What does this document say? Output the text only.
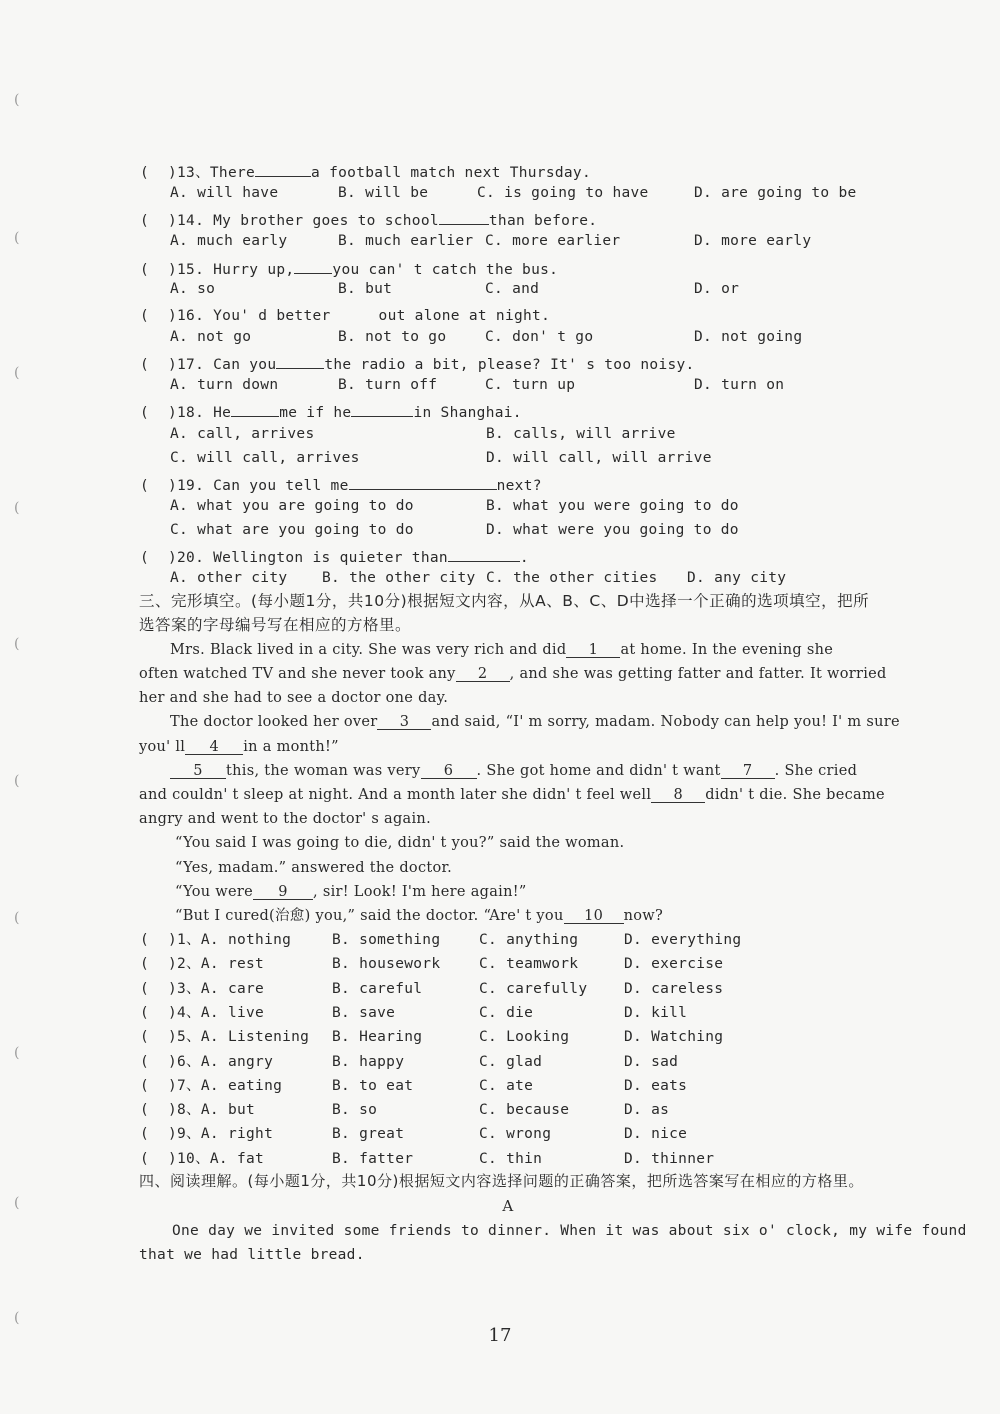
(
(
(
(
(
(
(
(
(
(
( )13、There	a football match next Thursday.
A. will have	B. will be	C. is going to have	D. are going to be
( )14. My brother goes to school	than before.
A. much early	B. much earlier C. more earlier	D. more early
( )15. Hurry up,	you can' t catch the bus.
A. so	B. but	C. and	D. or
( )16. You' d better	out alone at night.
A. not go	B. not to go	C. don' t go	D. not going
( )17. Can you	the radio a bit, please? It' s too noisy.
A. turn down	B. turn off	C. turn up	D. turn on
( )18. He	me if he	in Shanghai.
A. call, arrives	B. calls, will arrive
C. will call, arrives	D. will call, will arrive
( )19. Can you tell me	next?
A. what you are going to do	B. what you were going to do
C. what are you going to do	D. what were you going to do
( )20. Wellington is quieter than	.
A. other city B. the other city C. the other cities D. any city
三、完形填空。(每小题1分，共10分)根据短文内容，从A、B、C、D中选择一个正确的选项填空，把所
选答案的字母编号写在相应的方格里。
Mrs. Black lived in a city. She was very rich and did 1 at home. In the evening she
often watched TV and she never took any 2 , and she was getting fatter and fatter. It worried
her and she had to see a doctor one day.
The doctor looked her over 3 and said, “I' m sorry, madam. Nobody can help you! I' m sure
you' ll 4 in a month!”
5 this, the woman was very 6 . She got home and didn' t want 7 . She cried
and couldn' t sleep at night. And a month later she didn' t feel well 8 didn' t die. She became
angry and went to the doctor' s again.
“You said I was going to die, didn' t you?” said the woman.
“Yes, madam.” answered the doctor.
“You were 9 , sir! Look! I'm here again!”
“But I cured(治愈) you,” said the doctor. “Are' t you 10 now?
( )1、A. nothing	B. something	C. anything	D. everything
( )2、A. rest	B. housework	C. teamwork	D. exercise
( )3、A. care	B. careful	C. carefully	D. careless
( )4、A. live	B. save	C. die	D. kill
( )5、A. Listening B. Hearing	C. Looking	D. Watching
( )6、A. angry	B. happy	C. glad	D. sad
( )7、A. eating	B. to eat	C. ate	D. eats
( )8、A. but	B. so	C. because	D. as
( )9、A. right	B. great	C. wrong	D. nice
( )10、A. fat	B. fatter	C. thin	D. thinner
四、阅读理解。(每小题1分，共10分)根据短文内容选择问题的正确答案，把所选答案写在相应的方格里。
A
One day we invited some friends to dinner. When it was about six o' clock, my wife found
that we had little bread.
17
